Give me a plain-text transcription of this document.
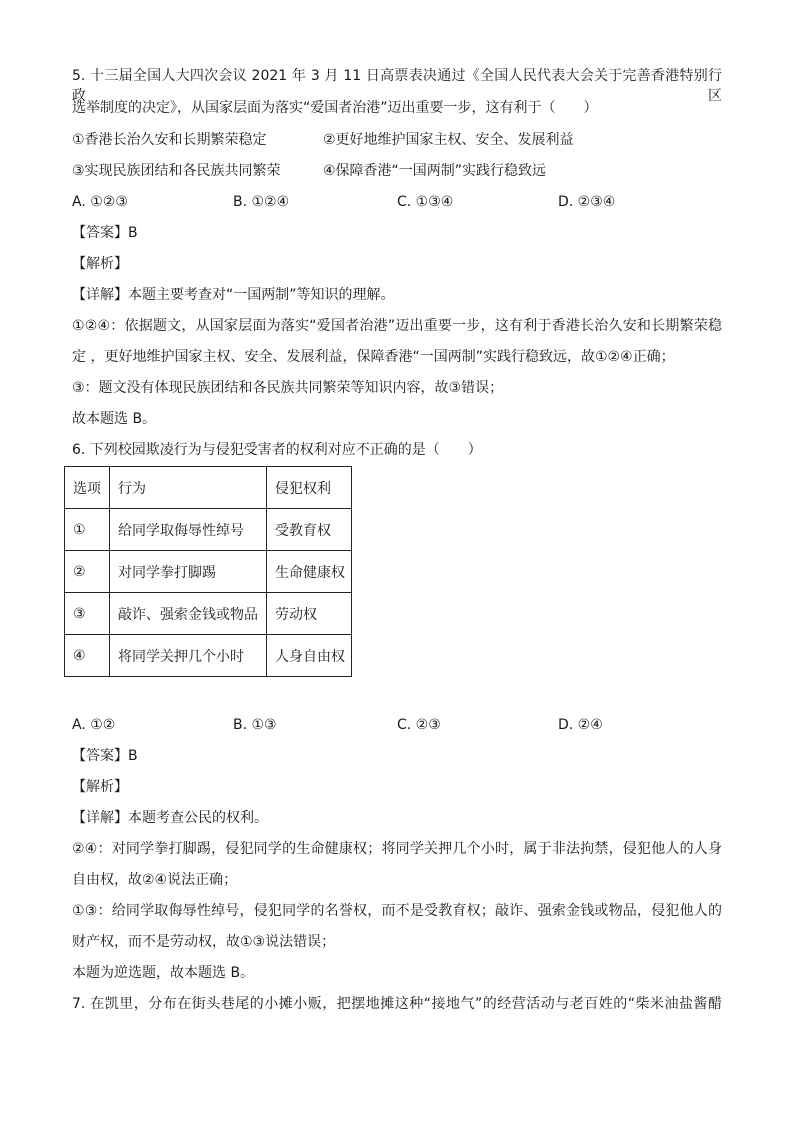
5. 十三届全国人大四次会议 2021 年 3 月 11 日高票表决通过《全国人民代表大会关于完善香港特别行政区
选举制度的决定》，从国家层面为落实“爱国者治港”迈出重要一步，这有利于（　　）
①香港长治久安和长期繁荣稳定	②更好地维护国家主权、安全、发展利益
③实现民族团结和各民族共同繁荣	④保障香港“一国两制”实践行稳致远
A. ①②③	B. ①②④	C. ①③④	D. ②③④
【答案】B
【解析】
【详解】本题主要考查对“一国两制”等知识的理解。
①②④：依据题文，从国家层面为落实“爱国者治港”迈出重要一步，这有利于香港长治久安和长期繁荣稳
定 ，更好地维护国家主权、安全、发展利益，保障香港“一国两制”实践行稳致远，故①②④正确；
③：题文没有体现民族团结和各民族共同繁荣等知识内容，故③错误；
故本题选 B。
6. 下列校园欺凌行为与侵犯受害者的权利对应不正确的是（　　）
选项	行为	侵犯权利
①	给同学取侮辱性绰号	受教育权
②	对同学拳打脚踢	生命健康权
③	敲诈、强索金钱或物品	劳动权
④	将同学关押几个小时	人身自由权
A. ①②	B. ①③	C. ②③	D. ②④
【答案】B
【解析】
【详解】本题考查公民的权利。
②④：对同学拳打脚踢，侵犯同学的生命健康权；将同学关押几个小时，属于非法拘禁，侵犯他人的人身
自由权，故②④说法正确；
①③：给同学取侮辱性绰号，侵犯同学的名誉权，而不是受教育权；敲诈、强索金钱或物品，侵犯他人的
财产权，而不是劳动权，故①③说法错误；
本题为逆选题，故本题选 B。
7. 在凯里，分布在街头巷尾的小摊小贩，把摆地摊这种“接地气”的经营活动与老百姓的“柴米油盐酱醋
